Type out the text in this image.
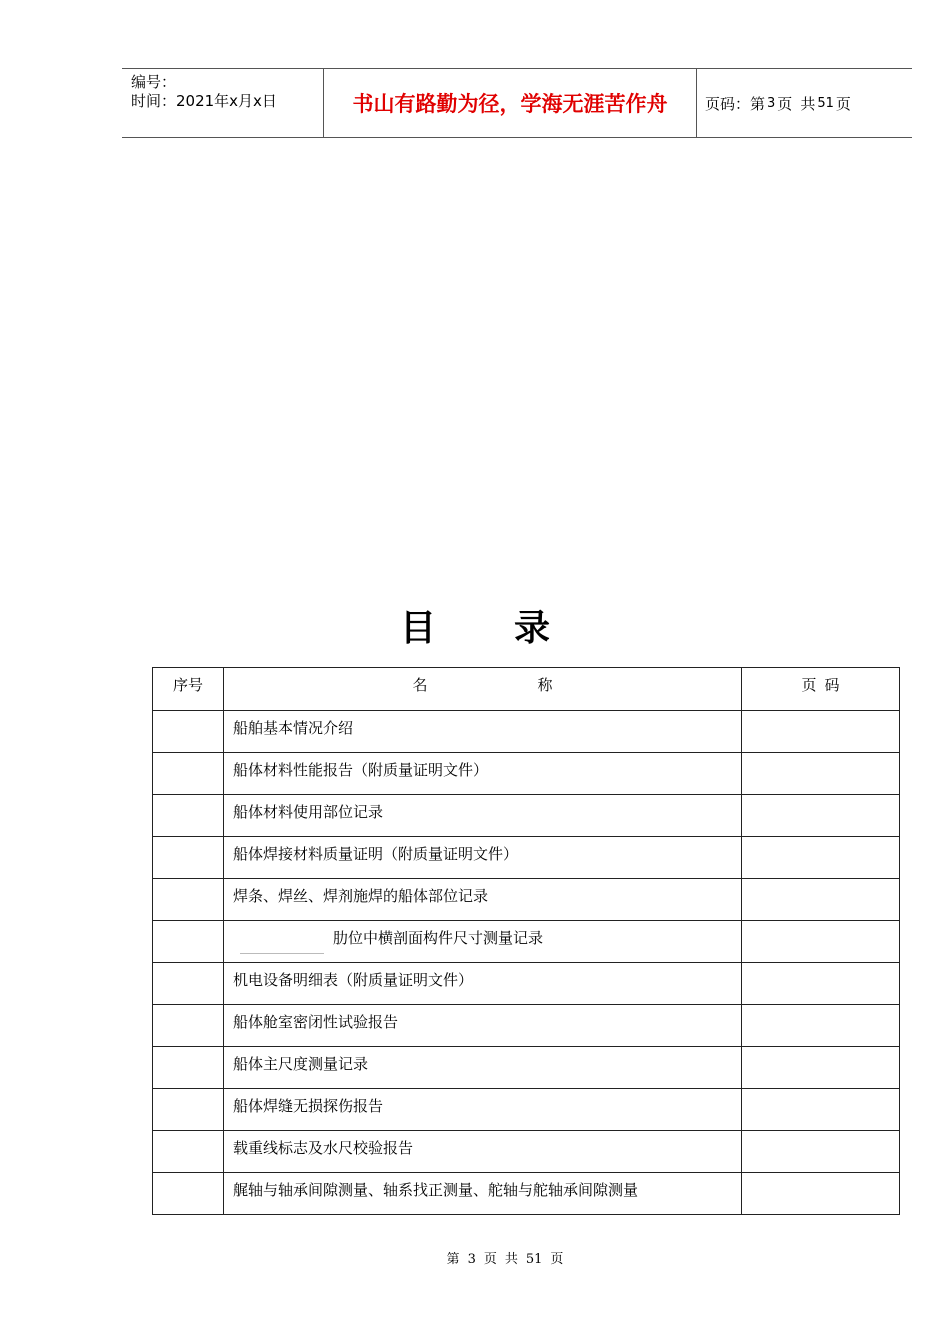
编号：
时间：2021年x月x日	书山有路勤为径，学海无涯苦作舟	页码：第 3 页 共 51 页
目录
序号	名 称	页码

	船舶基本情况介绍	

	船体材料性能报告（附质量证明文件）	

	船体材料使用部位记录	

	船体焊接材料质量证明（附质量证明文件）	

	焊条、焊丝、焊剂施焊的船体部位记录	

	肋位中横剖面构件尺寸测量记录	

	机电设备明细表（附质量证明文件）	

	船体舱室密闭性试验报告	

	船体主尺度测量记录	

	船体焊缝无损探伤报告	

	载重线标志及水尺校验报告	

	艉轴与轴承间隙测量、轴系找正测量、舵轴与舵轴承间隙测量	

第 3 页 共 51 页
